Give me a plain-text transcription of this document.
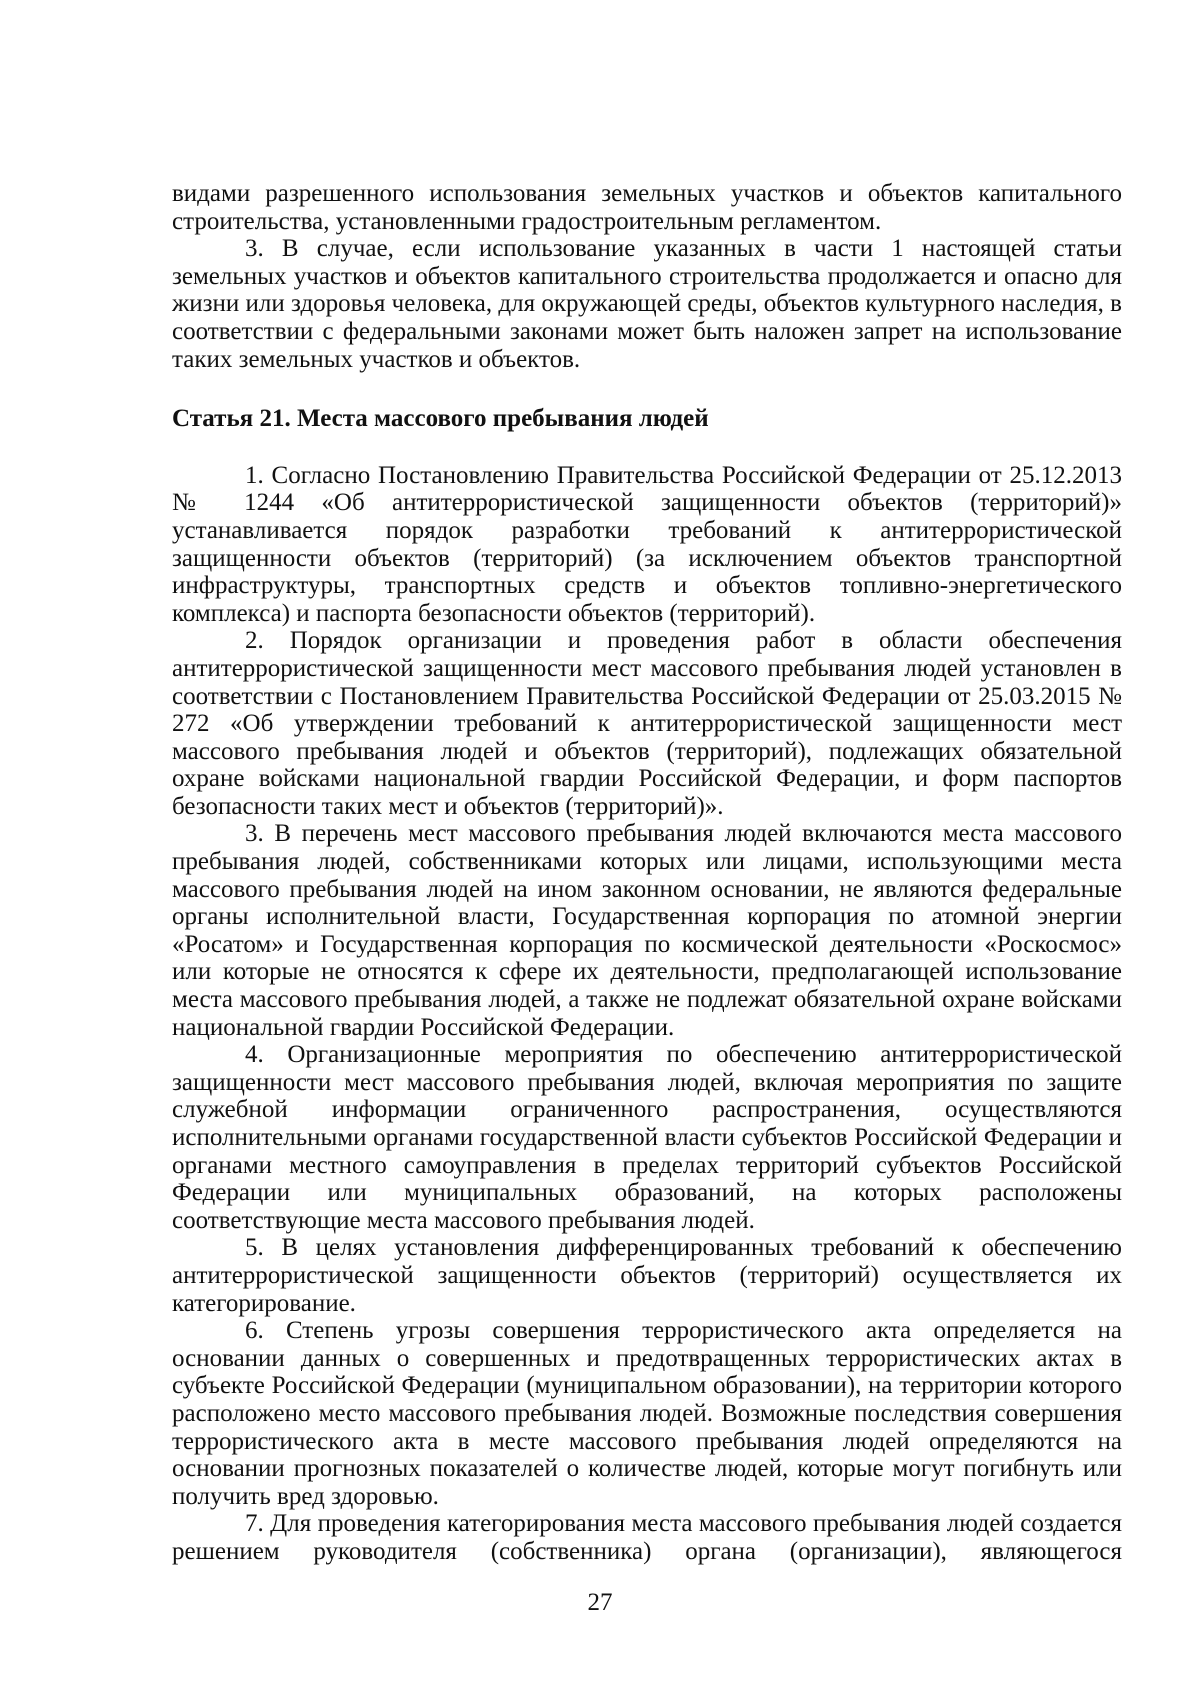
видами разрешенного использования земельных участков и объектов капитального строительства, установленными градостроительным регламентом.

3. В случае, если использование указанных в части 1 настоящей статьи земельных участков и объектов капитального строительства продолжается и опасно для жизни или здоровья человека, для окружающей среды, объектов культурного наследия, в соответствии с федеральными законами может быть наложен запрет на использование таких земельных участков и объектов.

Статья 21. Места массового пребывания людей

1. Согласно Постановлению Правительства Российской Федерации от 25.12.2013 № 1244 «Об антитеррористической защищенности объектов (территорий)» устанавливается порядок разработки требований к антитеррористической защищенности объектов (территорий) (за исключением объектов транспортной инфраструктуры, транспортных средств и объектов топливно-энергетического комплекса) и паспорта безопасности объектов (территорий).

2. Порядок организации и проведения работ в области обеспечения антитеррористической защищенности мест массового пребывания людей установлен в соответствии с Постановлением Правительства Российской Федерации от 25.03.2015 № 272 «Об утверждении требований к антитеррористической защищенности мест массового пребывания людей и объектов (территорий), подлежащих обязательной охране войсками национальной гвардии Российской Федерации, и форм паспортов безопасности таких мест и объектов (территорий)».

3. В перечень мест массового пребывания людей включаются места массового пребывания людей, собственниками которых или лицами, использующими места массового пребывания людей на ином законном основании, не являются федеральные органы исполнительной власти, Государственная корпорация по атомной энергии «Росатом» и Государственная корпорация по космической деятельности «Роскосмос» или которые не относятся к сфере их деятельности, предполагающей использование места массового пребывания людей, а также не подлежат обязательной охране войсками национальной гвардии Российской Федерации.

4. Организационные мероприятия по обеспечению антитеррористической защищенности мест массового пребывания людей, включая мероприятия по защите служебной информации ограниченного распространения, осуществляются исполнительными органами государственной власти субъектов Российской Федерации и органами местного самоуправления в пределах территорий субъектов Российской Федерации или муниципальных образований, на которых расположены соответствующие места массового пребывания людей.

5. В целях установления дифференцированных требований к обеспечению антитеррористической защищенности объектов (территорий) осуществляется их категорирование.

6. Степень угрозы совершения террористического акта определяется на основании данных о совершенных и предотвращенных террористических актах в субъекте Российской Федерации (муниципальном образовании), на территории которого расположено место массового пребывания людей. Возможные последствия совершения террористического акта в месте массового пребывания людей определяются на основании прогнозных показателей о количестве людей, которые могут погибнуть или получить вред здоровью.

7. Для проведения категорирования места массового пребывания людей создается решением руководителя (собственника) органа (организации), являющегося

27
